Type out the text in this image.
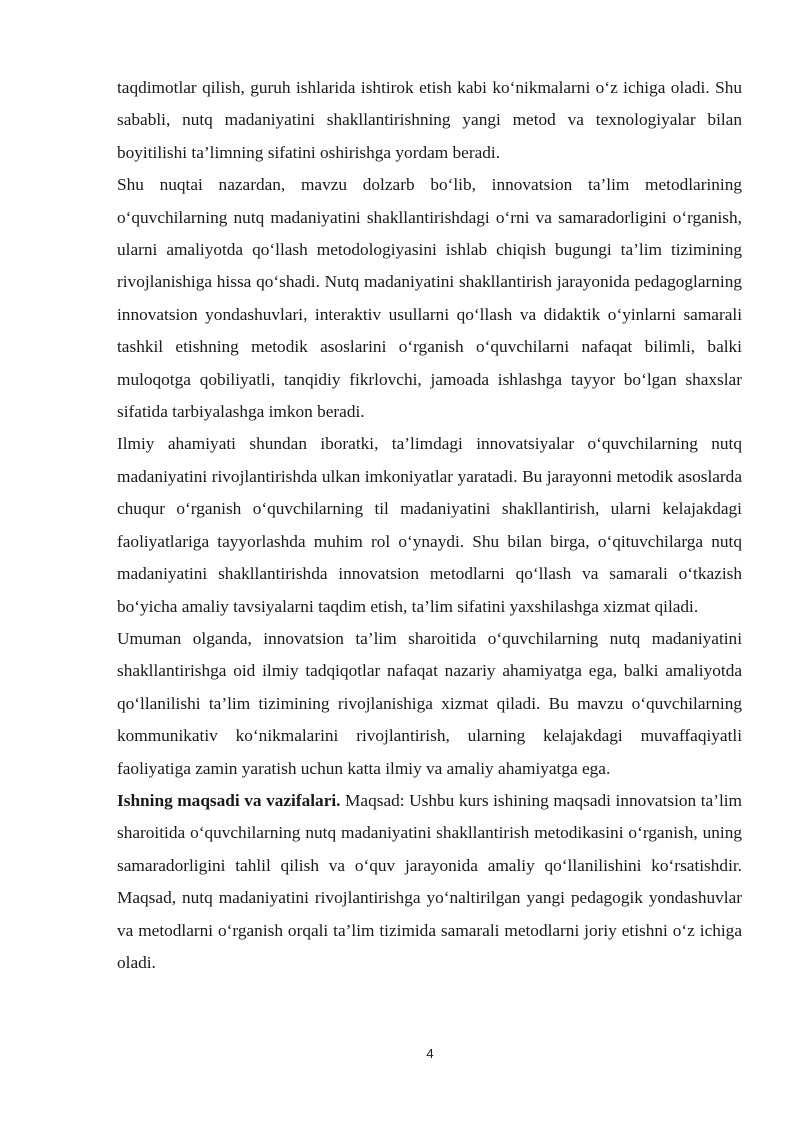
taqdimotlar qilish, guruh ishlarida ishtirok etish kabi ko‘nikmalarni o‘z ichiga oladi. Shu sababli, nutq madaniyatini shakllantirishning yangi metod va texnologiyalar bilan boyitilishi ta’limning sifatini oshirishga yordam beradi.

Shu nuqtai nazardan, mavzu dolzarb bo‘lib, innovatsion ta’lim metodlarining o‘quvchilarning nutq madaniyatini shakllantirishdagi o‘rni va samaradorligini o‘rganish, ularni amaliyotda qo‘llash metodologiyasini ishlab chiqish bugungi ta’lim tizimining rivojlanishiga hissa qo‘shadi. Nutq madaniyatini shakllantirish jarayonida pedagoglarning innovatsion yondashuvlari, interaktiv usullarni qo‘llash va didaktik o‘yinlarni samarali tashkil etishning metodik asoslarini o‘rganish o‘quvchilarni nafaqat bilimli, balki muloqotga qobiliyatli, tanqidiy fikrlovchi, jamoada ishlashga tayyor bo‘lgan shaxslar sifatida tarbiyalashga imkon beradi.

Ilmiy ahamiyati shundan iboratki, ta’limdagi innovatsiyalar o‘quvchilarning nutq madaniyatini rivojlantirishda ulkan imkoniyatlar yaratadi. Bu jarayonni metodik asoslarda chuqur o‘rganish o‘quvchilarning til madaniyatini shakllantirish, ularni kelajakdagi faoliyatlariga tayyorlashda muhim rol o‘ynaydi. Shu bilan birga, o‘qituvchilarga nutq madaniyatini shakllantirishda innovatsion metodlarni qo‘llash va samarali o‘tkazish bo‘yicha amaliy tavsiyalarni taqdim etish, ta’lim sifatini yaxshilashga xizmat qiladi.

Umuman olganda, innovatsion ta’lim sharoitida o‘quvchilarning nutq madaniyatini shakllantirishga oid ilmiy tadqiqotlar nafaqat nazariy ahamiyatga ega, balki amaliyotda qo‘llanilishi ta’lim tizimining rivojlanishiga xizmat qiladi. Bu mavzu o‘quvchilarning kommunikativ ko‘nikmalarini rivojlantirish, ularning kelajakdagi muvaffaqiyatli faoliyatiga zamin yaratish uchun katta ilmiy va amaliy ahamiyatga ega.

Ishning maqsadi va vazifalari. Maqsad: Ushbu kurs ishining maqsadi innovatsion ta’lim sharoitida o‘quvchilarning nutq madaniyatini shakllantirish metodikasini o‘rganish, uning samaradorligini tahlil qilish va o‘quv jarayonida amaliy qo‘llanilishini ko‘rsatishdir. Maqsad, nutq madaniyatini rivojlantirishga yo‘naltirilgan yangi pedagogik yondashuvlar va metodlarni o‘rganish orqali ta’lim tizimida samarali metodlarni joriy etishni o‘z ichiga oladi.

4
